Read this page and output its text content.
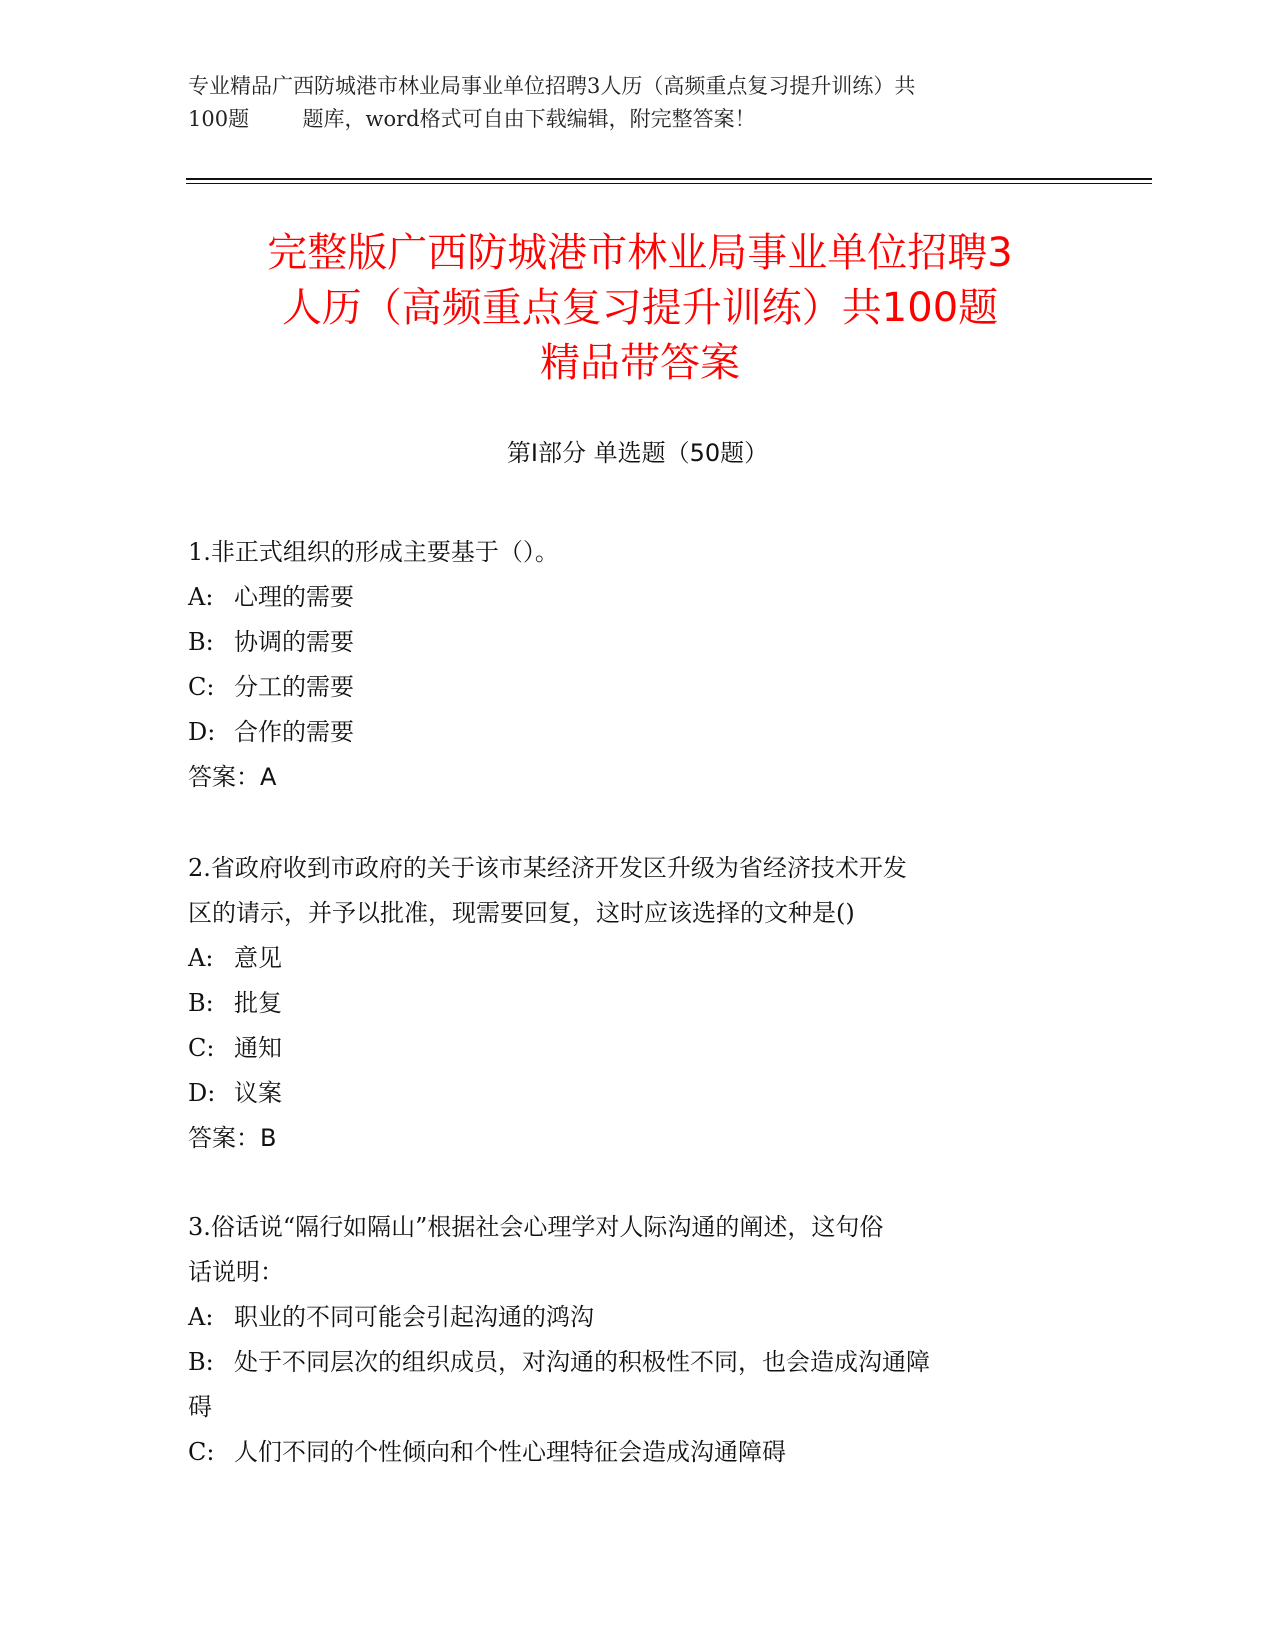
专业精品广西防城港市林业局事业单位招聘3人历（高频重点复习提升训练）共
100题        题库，word格式可自由下载编辑，附完整答案！
完整版广西防城港市林业局事业单位招聘3
人历（高频重点复习提升训练）共100题
精品带答案
第Ⅰ部分 单选题（50题）

1.非正式组织的形成主要基于（）。

A: 心理的需要

B: 协调的需要

C: 分工的需要

D: 合作的需要

答案：A

2.省政府收到市政府的关于该市某经济开发区升级为省经济技术开发

区的请示，并予以批准，现需要回复，这时应该选择的文种是()

A: 意见

B: 批复

C: 通知

D: 议案

答案：B

3.俗话说“隔行如隔山”根据社会心理学对人际沟通的阐述，这句俗

话说明：

A: 职业的不同可能会引起沟通的鸿沟

B: 处于不同层次的组织成员，对沟通的积极性不同，也会造成沟通障

碍

C: 人们不同的个性倾向和个性心理特征会造成沟通障碍
